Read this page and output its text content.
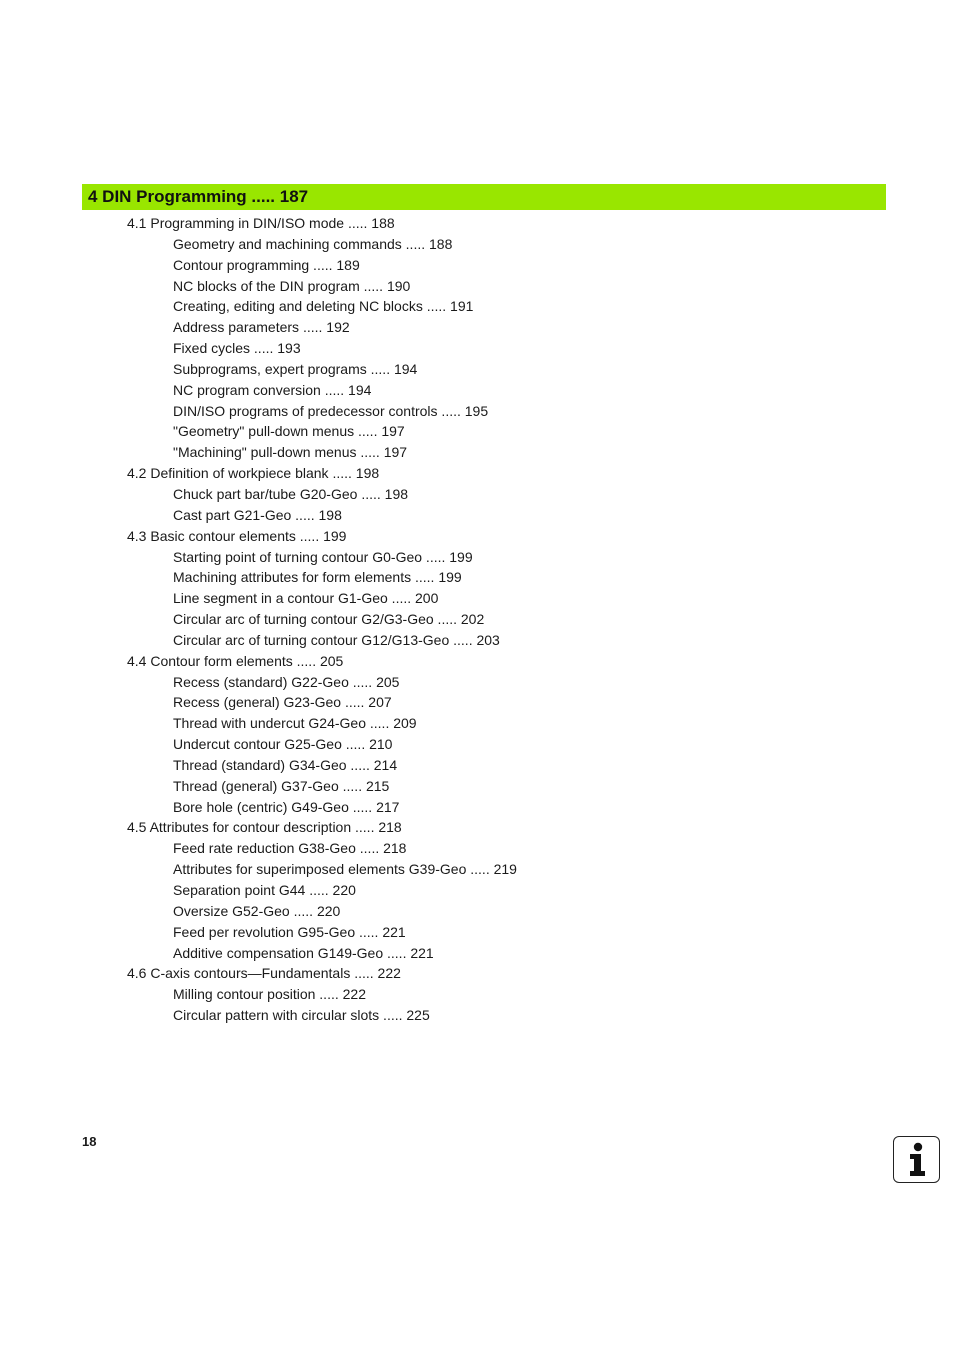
4 DIN Programming ..... 187
4.1 Programming in DIN/ISO mode ..... 188
Geometry and machining commands ..... 188
Contour programming ..... 189
NC blocks of the DIN program ..... 190
Creating, editing and deleting NC blocks ..... 191
Address parameters ..... 192
Fixed cycles ..... 193
Subprograms, expert programs ..... 194
NC program conversion ..... 194
DIN/ISO programs of predecessor controls ..... 195
"Geometry" pull-down menus ..... 197
"Machining" pull-down menus ..... 197
4.2 Definition of workpiece blank ..... 198
Chuck part bar/tube G20-Geo ..... 198
Cast part G21-Geo ..... 198
4.3 Basic contour elements ..... 199
Starting point of turning contour G0-Geo ..... 199
Machining attributes for form elements ..... 199
Line segment in a contour G1-Geo ..... 200
Circular arc of turning contour G2/G3-Geo ..... 202
Circular arc of turning contour G12/G13-Geo ..... 203
4.4 Contour form elements ..... 205
Recess (standard) G22-Geo ..... 205
Recess (general) G23-Geo ..... 207
Thread with undercut G24-Geo ..... 209
Undercut contour G25-Geo ..... 210
Thread (standard) G34-Geo ..... 214
Thread (general) G37-Geo ..... 215
Bore hole (centric) G49-Geo ..... 217
4.5 Attributes for contour description ..... 218
Feed rate reduction G38-Geo ..... 218
Attributes for superimposed elements G39-Geo ..... 219
Separation point G44 ..... 220
Oversize G52-Geo ..... 220
Feed per revolution G95-Geo ..... 221
Additive compensation G149-Geo ..... 221
4.6 C-axis contours—Fundamentals ..... 222
Milling contour position ..... 222
Circular pattern with circular slots ..... 225
18
